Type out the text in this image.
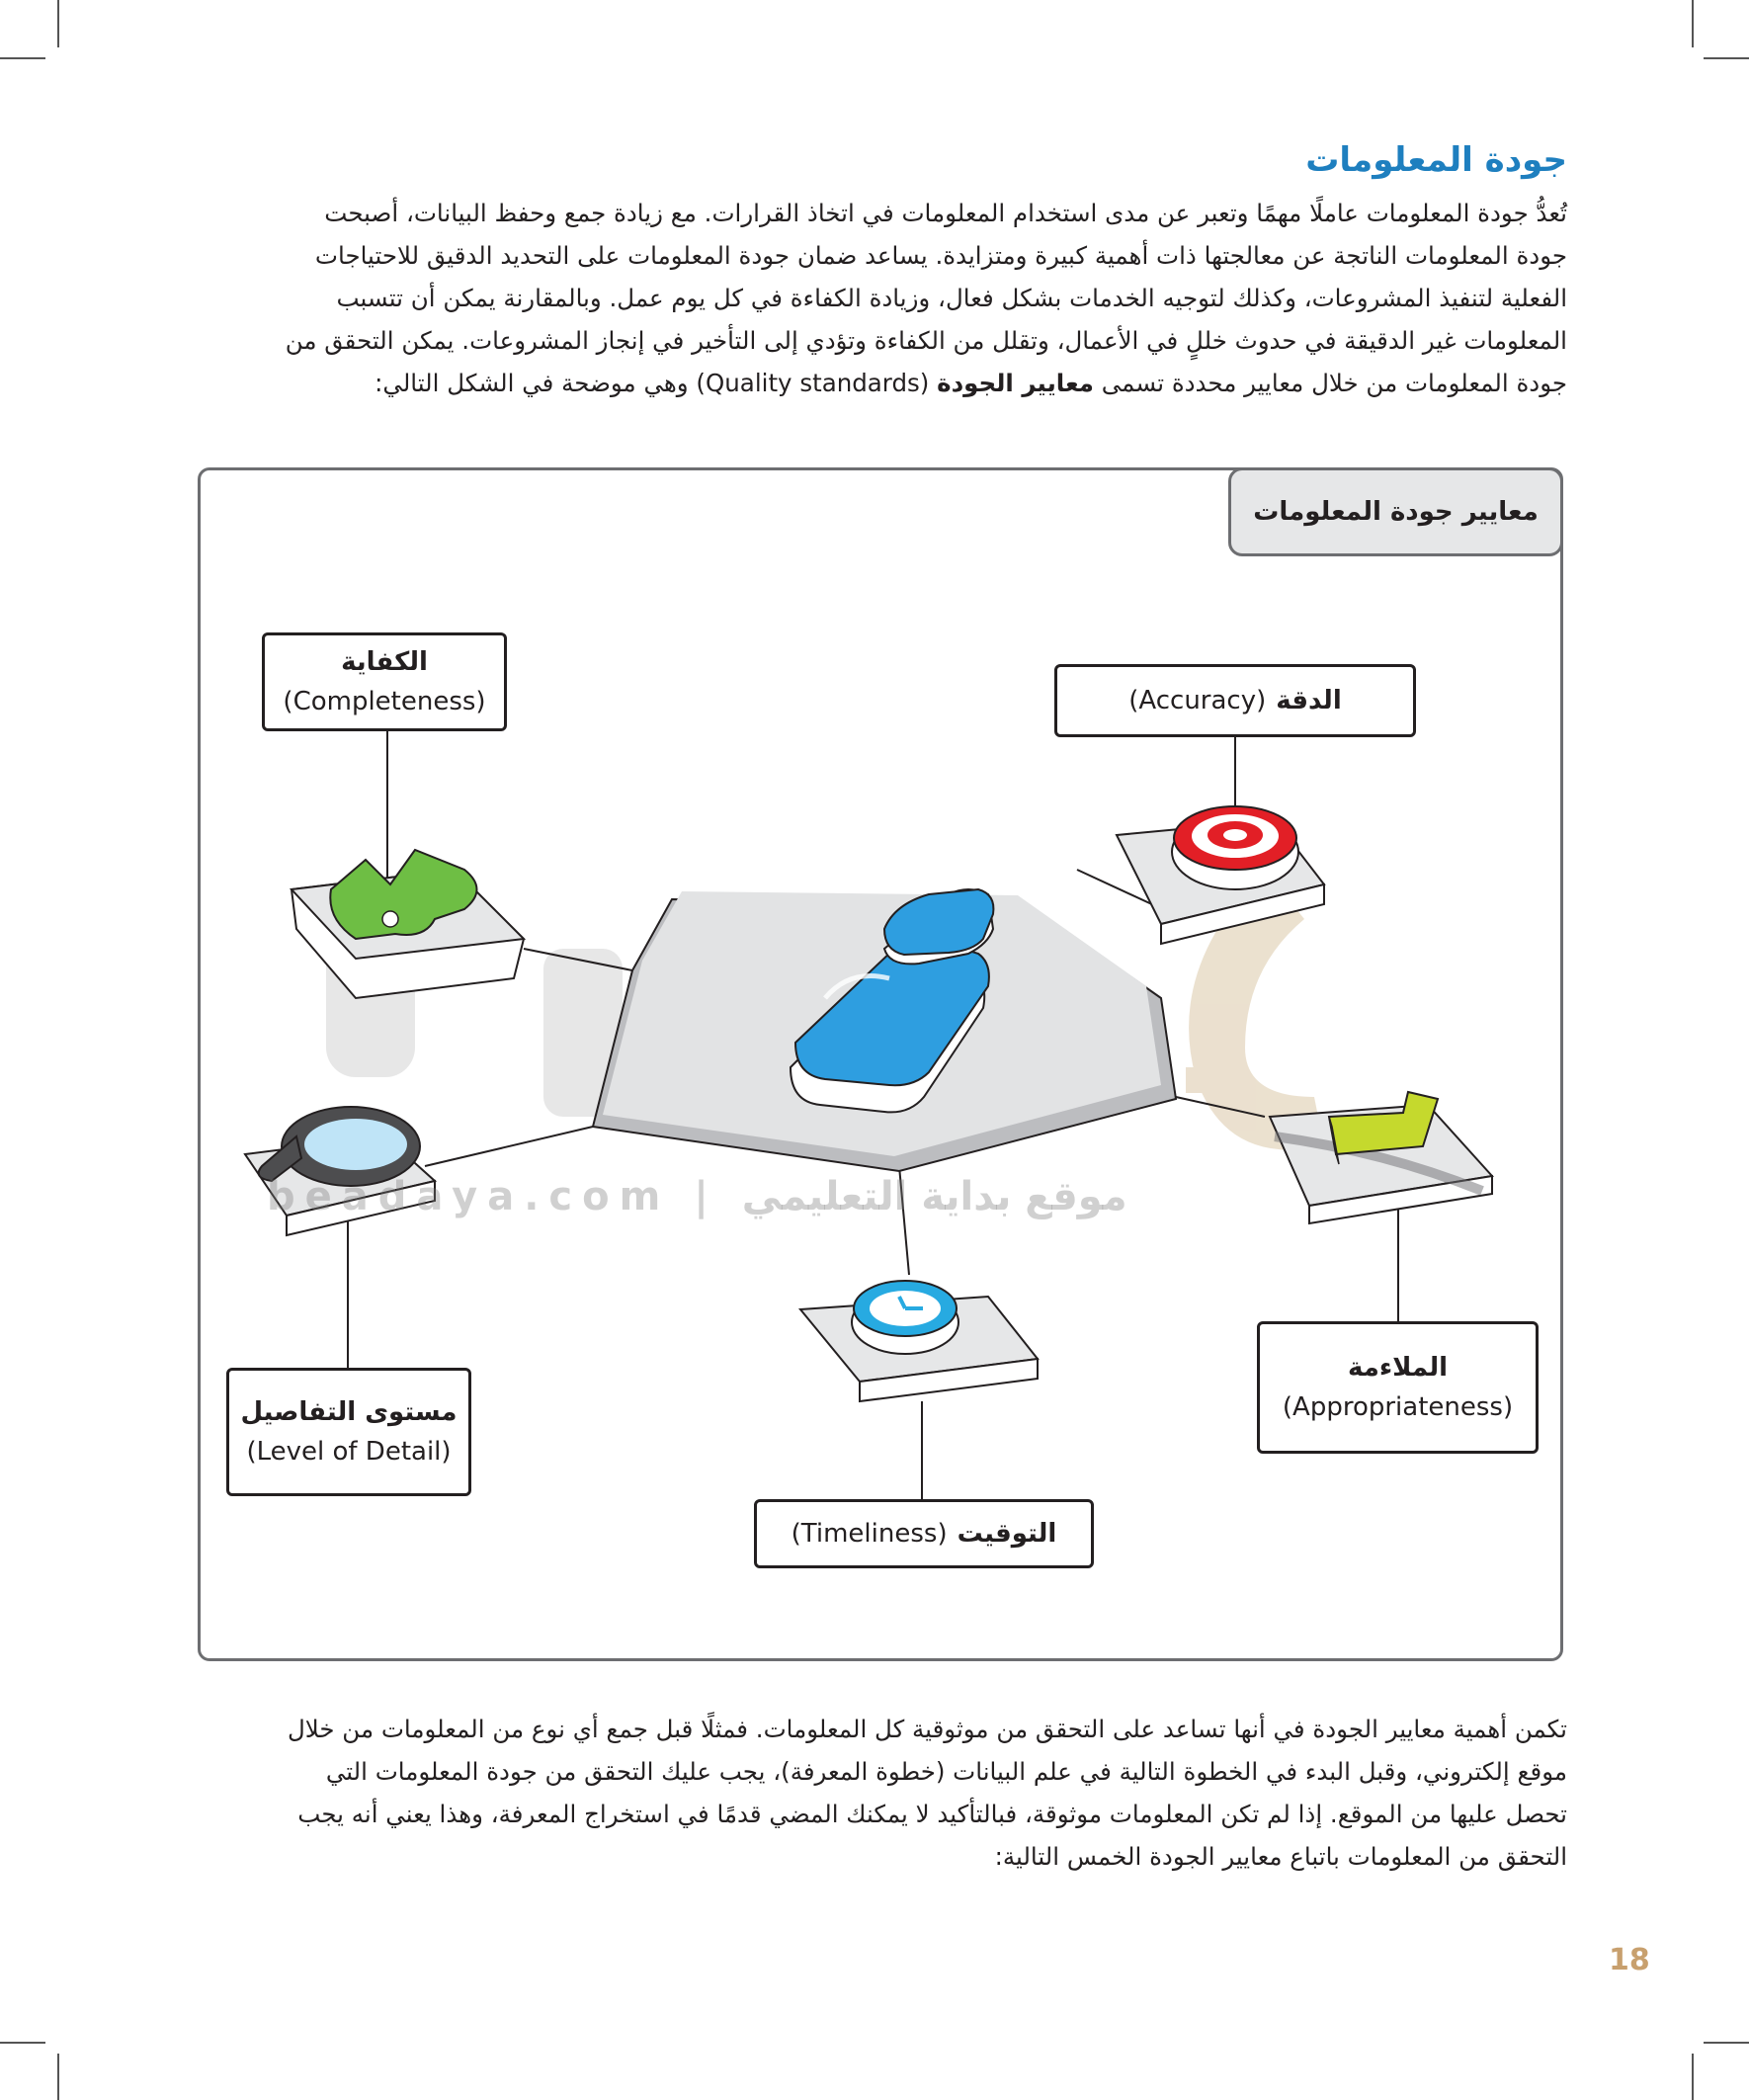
جودة المعلومات

تُعدُّ جودة المعلومات عاملًا مهمًا وتعبر عن مدى استخدام المعلومات في اتخاذ القرارات. مع زيادة جمع وحفظ البيانات، أصبحت

جودة المعلومات الناتجة عن معالجتها ذات أهمية كبيرة ومتزايدة. يساعد ضمان جودة المعلومات على التحديد الدقيق للاحتياجات

الفعلية لتنفيذ المشروعات، وكذلك لتوجيه الخدمات بشكل فعال، وزيادة الكفاءة في كل يوم عمل. وبالمقارنة يمكن أن تتسبب

المعلومات غير الدقيقة في حدوث خللٍ في الأعمال، وتقلل من الكفاءة وتؤدي إلى التأخير في إنجاز المشروعات. يمكن التحقق من

جودة المعلومات من خلال معايير محددة تسمى معايير الجودة (Quality standards) وهي موضحة في الشكل التالي:

معايير جودة المعلومات
الكفاية
(Completeness)	الدقة
(Accuracy)
الملاءمة
(Appropriateness)
التوقيت
(Timeliness)
مستوى التفاصيل
(Level of Detail)
beadaya.com | موقع بداية التعليمي

تكمن أهمية معايير الجودة في أنها تساعد على التحقق من موثوقية كل المعلومات. فمثلًا قبل جمع أي نوع من المعلومات من خلال

موقع إلكتروني، وقبل البدء في الخطوة التالية في علم البيانات (خطوة المعرفة)، يجب عليك التحقق من جودة المعلومات التي

تحصل عليها من الموقع. إذا لم تكن المعلومات موثوقة، فبالتأكيد لا يمكنك المضي قدمًا في استخراج المعرفة، وهذا يعني أنه يجب

التحقق من المعلومات باتباع معايير الجودة الخمس التالية:

18
